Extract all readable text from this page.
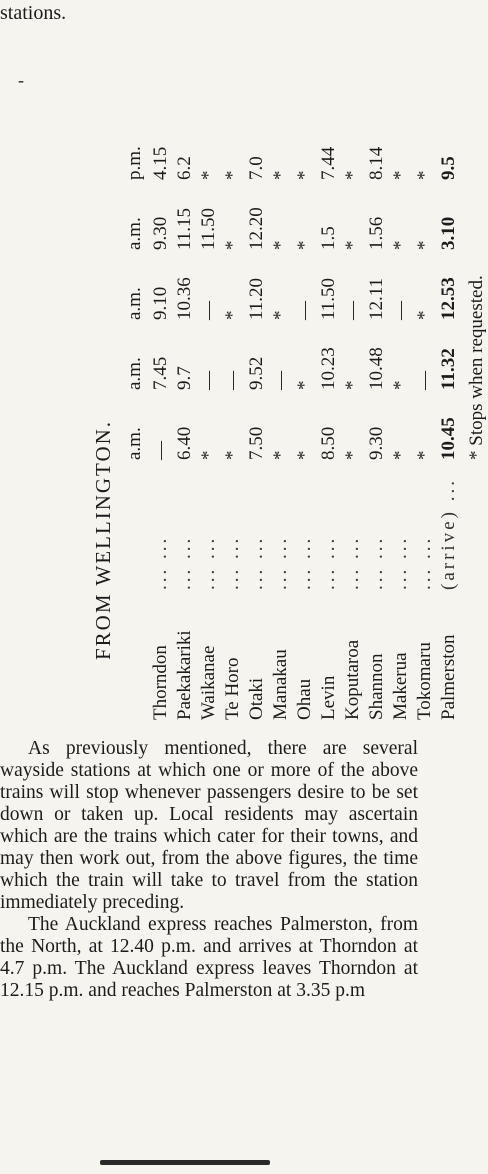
stations.
-
FROM WELLINGTON. a.m.a.m.a.m.a.m.p.m.
Thorndon
... ...
—7.459.109.304.15
Paekakariki
... ...
6.409.710.3611.156.2
Waikanae
... ...
*——11.50*
Te Horo
... ...
*—***
Otaki
... ...
7.509.5211.2012.207.0
Manakau
... ...
*—***
Ohau
... ...
**—**
Levin
... ...
8.5010.2311.501.57.44
Koputaroa
... ...
**—**
Shannon
... ...
9.3010.4812.111.568.14
Makerua
... ...
**—**
Tokomaru
... ...
*—***
Palmerston
(arrive) ...
10.4511.3212.533.109.5
* Stops when requested.

As previously mentioned, there are several wayside stations at which one or more of the above trains will stop whenever passengers desire to be set down or taken up. Local residents may ascertain which are the trains which cater for their towns, and may then work out, from the above figures, the time which the train will take to travel from the station immediately preceding.

The Auckland express reaches Palmerston, from the North, at 12.40 p.m. and arrives at Thorndon at 4.7 p.m. The Auckland express leaves Thorndon at 12.15 p.m. and reaches Palmerston at 3.35 p.m
